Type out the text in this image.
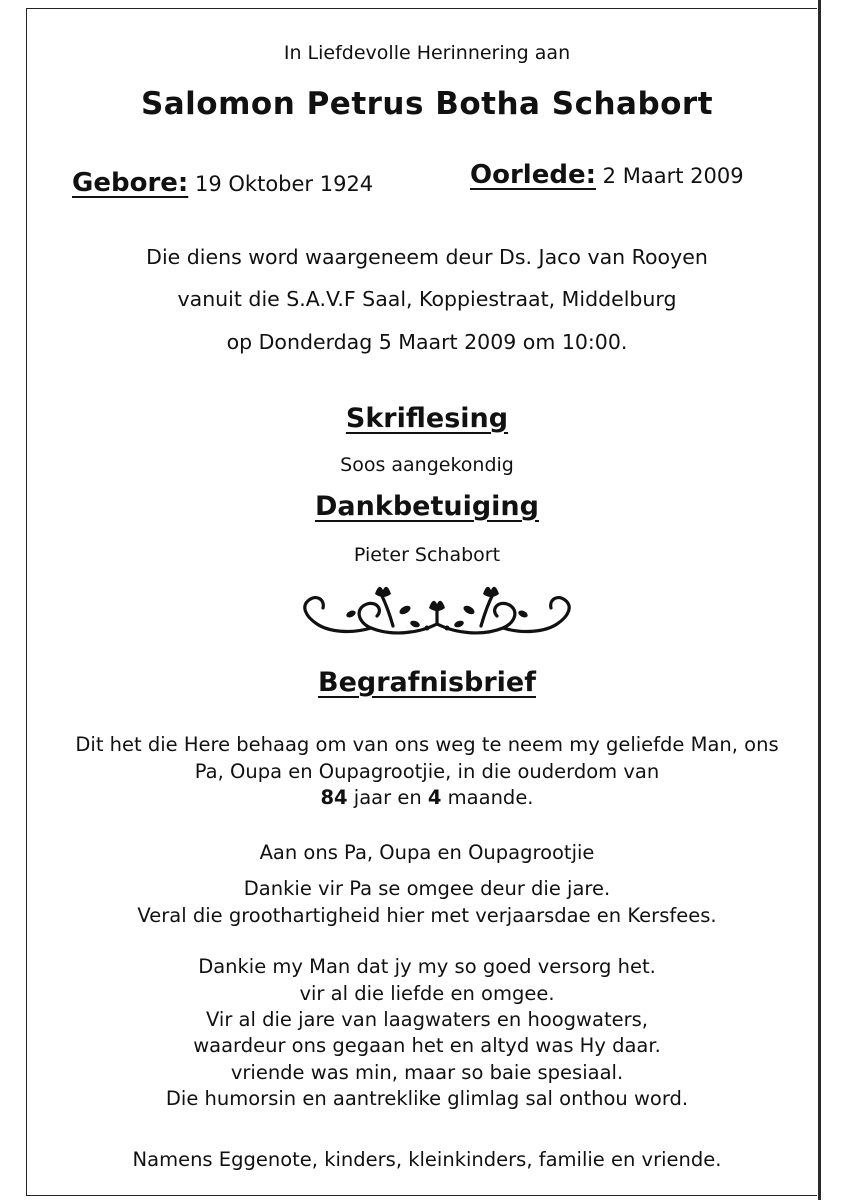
In Liefdevolle Herinnering aan
Salomon Petrus Botha Schabort
Gebore: 19 Oktober 1924	Oorlede: 2 Maart 2009
Die diens word waargeneem deur Ds. Jaco van Rooyen
vanuit die S.A.V.F Saal, Koppiestraat, Middelburg
op Donderdag 5 Maart 2009 om 10:00.
Skriflesing
Soos aangekondig
Dankbetuiging
Pieter Schabort
Begrafnisbrief
Dit het die Here behaag om van ons weg te neem my geliefde Man, ons
Pa, Oupa en Oupagrootjie, in die ouderdom van
84 jaar en 4 maande.
Aan ons Pa, Oupa en Oupagrootjie
Dankie vir Pa se omgee deur die jare.
Veral die groothartigheid hier met verjaarsdae en Kersfees.
Dankie my Man dat jy my so goed versorg het.
vir al die liefde en omgee.
Vir al die jare van laagwaters en hoogwaters,
waardeur ons gegaan het en altyd was Hy daar.
vriende was min, maar so baie spesiaal.
Die humorsin en aantreklike glimlag sal onthou word.
Namens Eggenote, kinders, kleinkinders, familie en vriende.
